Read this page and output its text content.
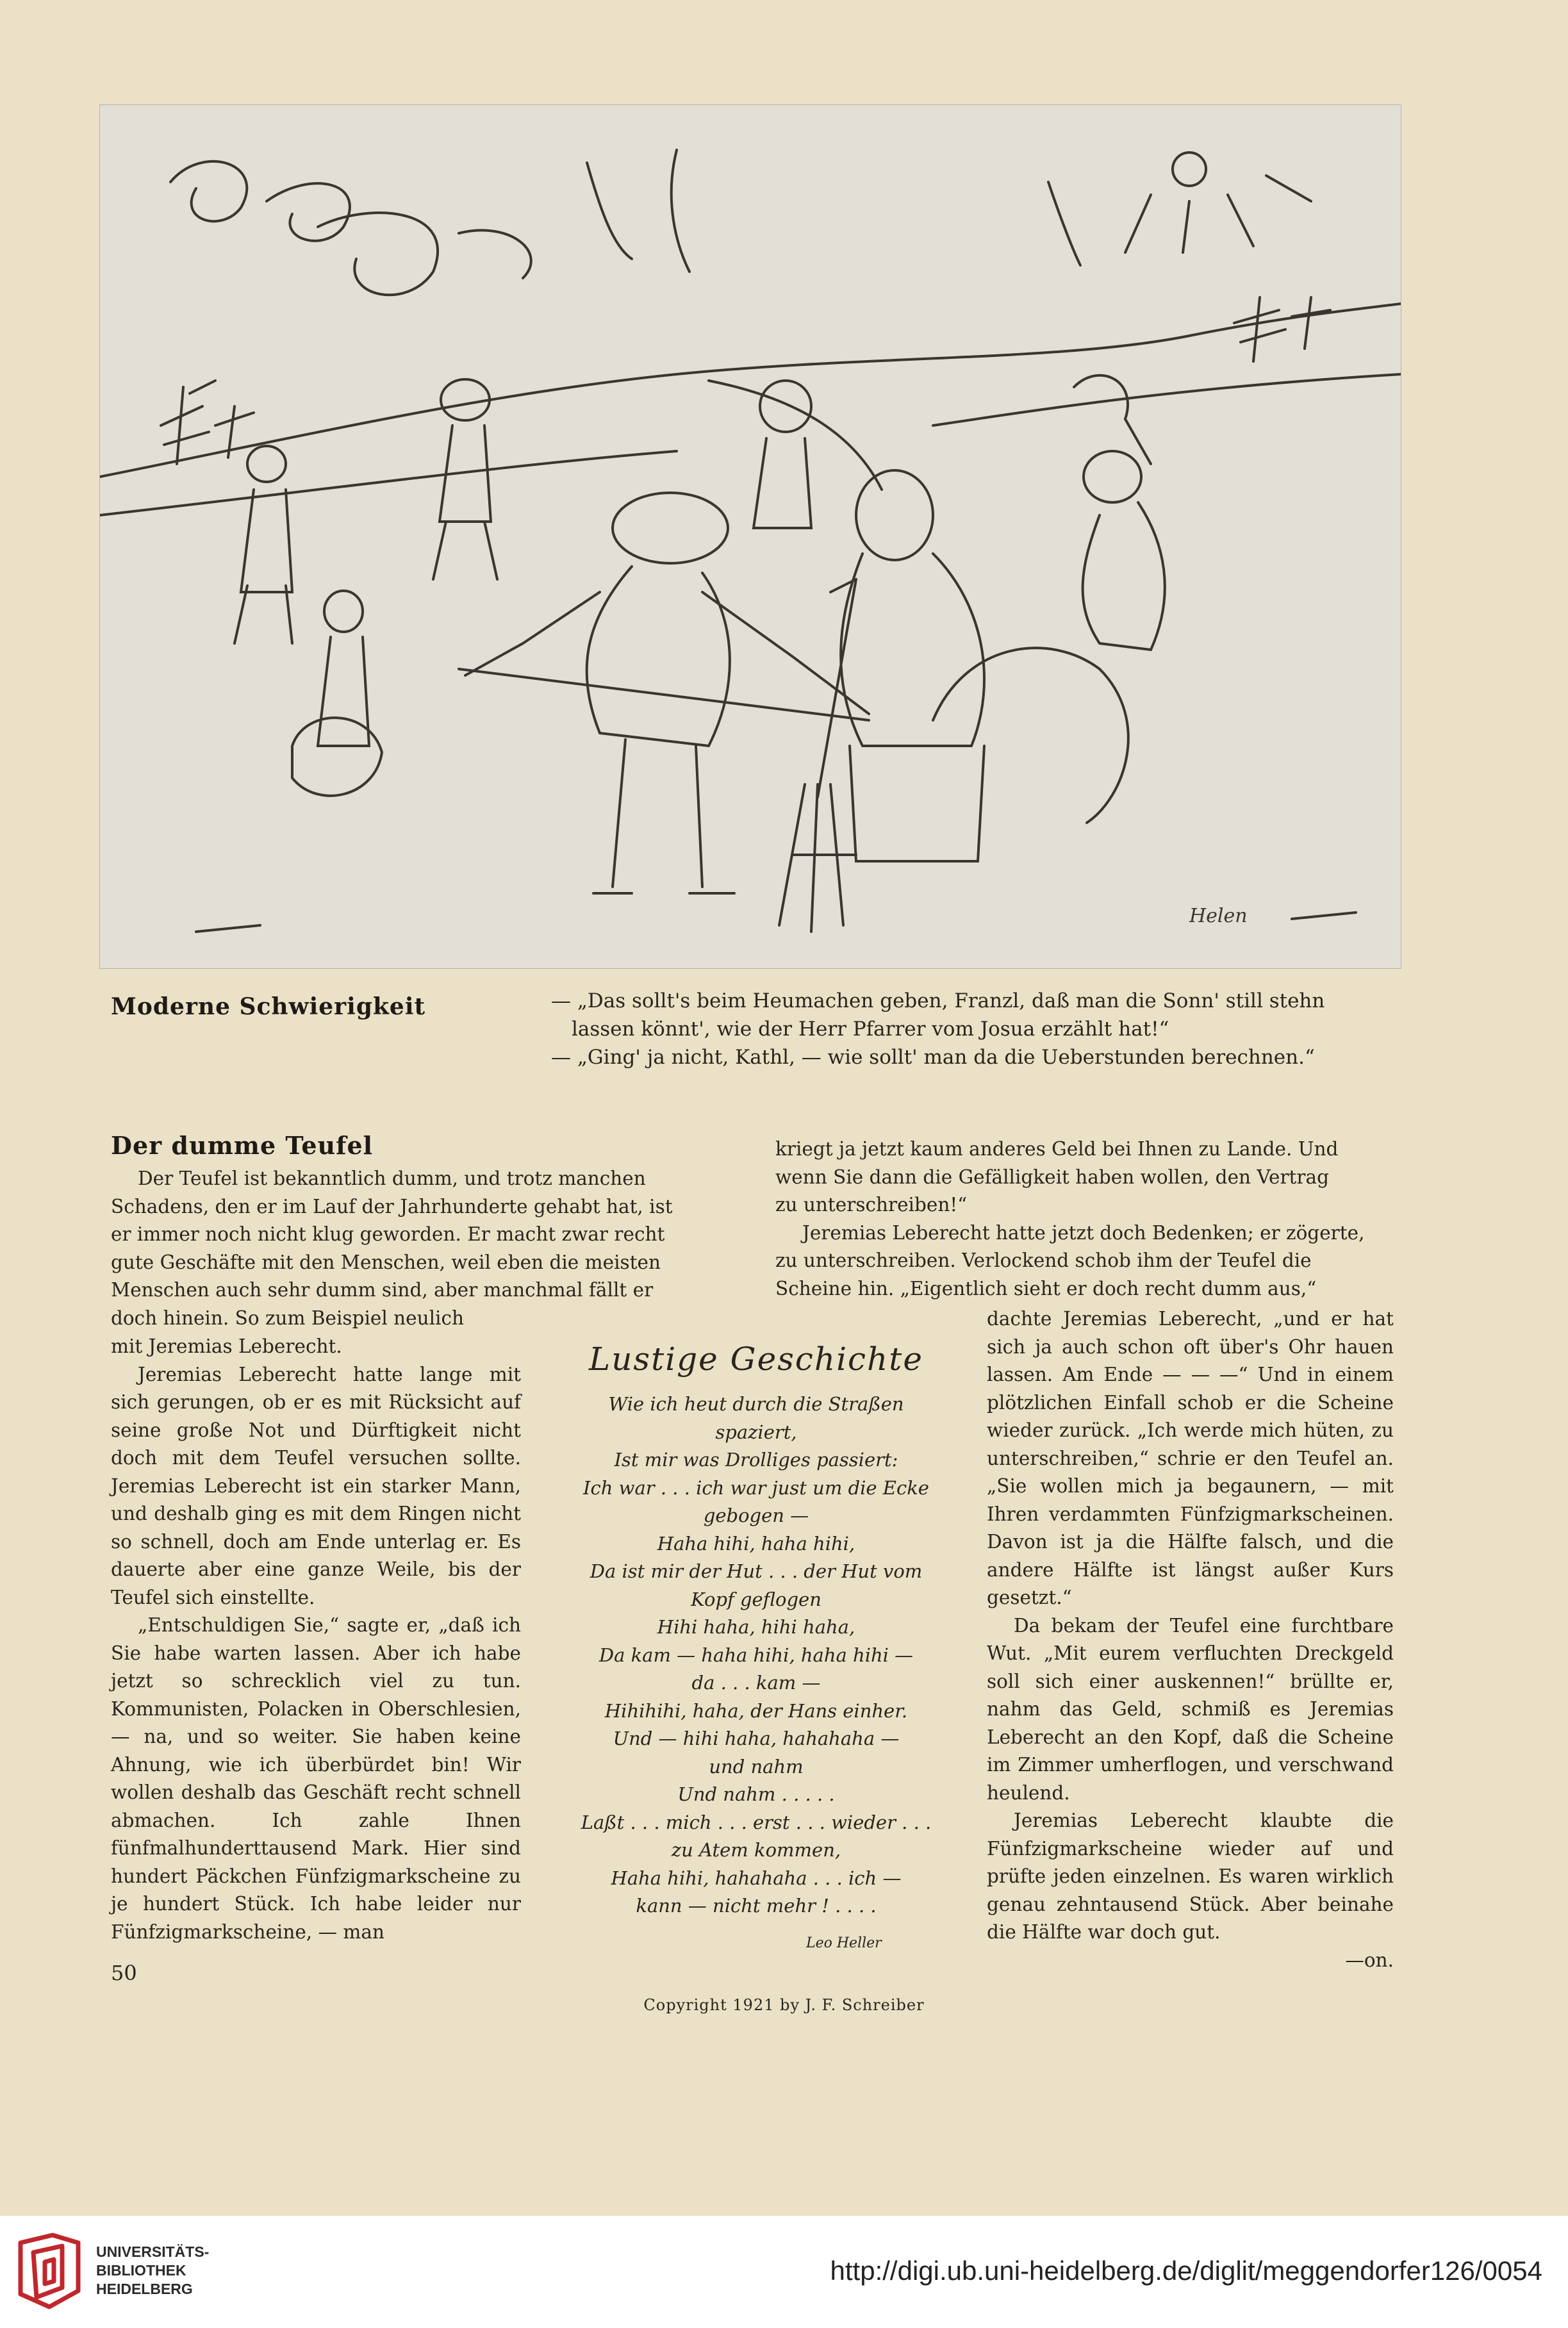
Helen
Moderne Schwierigkeit	— „Das sollt's beim Heumachen geben, Franzl, daß man die Sonn' still stehn
lassen könnt', wie der Herr Pfarrer vom Josua erzählt hat!“
— „Ging' ja nicht, Kathl, — wie sollt' man da die Ueberstunden berechnen.“
Der dumme Teufel

Der Teufel ist bekanntlich dumm, und trotz manchen

Schadens, den er im Lauf der Jahrhunderte gehabt hat, ist

er immer noch nicht klug geworden. Er macht zwar recht

gute Geschäfte mit den Menschen, weil eben die meisten

Menschen auch sehr dumm sind, aber manchmal fällt er

doch hinein. So zum Beispiel neulich

mit Jeremias Leberecht.

Jeremias Leberecht hatte lange mit sich gerungen, ob er es mit Rücksicht auf seine große Not und Dürftigkeit nicht doch mit dem Teufel versuchen sollte. Jeremias Leberecht ist ein starker Mann, und deshalb ging es mit dem Ringen nicht so schnell, doch am Ende unterlag er. Es dauerte aber eine ganze Weile, bis der Teufel sich einstellte.

„Entschuldigen Sie,“ sagte er, „daß ich Sie habe warten lassen. Aber ich habe jetzt so schrecklich viel zu tun. Kommunisten, Polacken in Oberschlesien, — na, und so weiter. Sie haben keine Ahnung, wie ich überbürdet bin! Wir wollen deshalb das Geschäft recht schnell abmachen. Ich zahle Ihnen fünfmalhunderttausend Mark. Hier sind hundert Päckchen Fünfzigmarkscheine zu je hundert Stück. Ich habe leider nur Fünfzigmarkscheine, — man

kriegt ja jetzt kaum anderes Geld bei Ihnen zu Lande. Und

wenn Sie dann die Gefälligkeit haben wollen, den Vertrag

zu unterschreiben!“

Jeremias Leberecht hatte jetzt doch Bedenken; er zögerte,

zu unterschreiben. Verlockend schob ihm der Teufel die

Scheine hin. „Eigentlich sieht er doch recht dumm aus,“

dachte Jeremias Leberecht, „und er hat sich ja auch schon oft über's Ohr hauen lassen. Am Ende — — —“ Und in einem plötzlichen Einfall schob er die Scheine wieder zurück. „Ich werde mich hüten, zu unterschreiben,“ schrie er den Teufel an. „Sie wollen mich ja begaunern, — mit Ihren verdammten Fünfzigmarkscheinen. Davon ist ja die Hälfte falsch, und die andere Hälfte ist längst außer Kurs gesetzt.“

Da bekam der Teufel eine furchtbare Wut. „Mit eurem verfluchten Dreckgeld soll sich einer auskennen!“ brüllte er, nahm das Geld, schmiß es Jeremias Leberecht an den Kopf, daß die Scheine im Zimmer umherflogen, und verschwand heulend.

Jeremias Leberecht klaubte die Fünfzigmarkscheine wieder auf und prüfte jeden einzelnen. Es waren wirklich genau zehntausend Stück. Aber beinahe die Hälfte war doch gut.

—on.

Lustige Geschichte
Wie ich heut durch die Straßen
spaziert,
Ist mir was Drolliges passiert:
Ich war . . . ich war just um die Ecke
gebogen —
Haha hihi, haha hihi,
Da ist mir der Hut . . . der Hut vom
Kopf geflogen
Hihi haha, hihi haha,
Da kam — haha hihi, haha hihi —
da . . . kam —
Hihihihi, haha, der Hans einher.
Und — hihi haha, hahahaha —
und nahm
Und nahm . . . . .
Laßt . . . mich . . . erst . . . wieder . . .
zu Atem kommen,
Haha hihi, hahahaha . . . ich —
kann — nicht mehr ! . . . .
Leo Heller
50
Copyright 1921 by J. F. Schreiber
UNIVERSITÄTS-
BIBLIOTHEK
HEIDELBERG
http://digi.ub.uni-heidelberg.de/diglit/meggendorfer126/0054
